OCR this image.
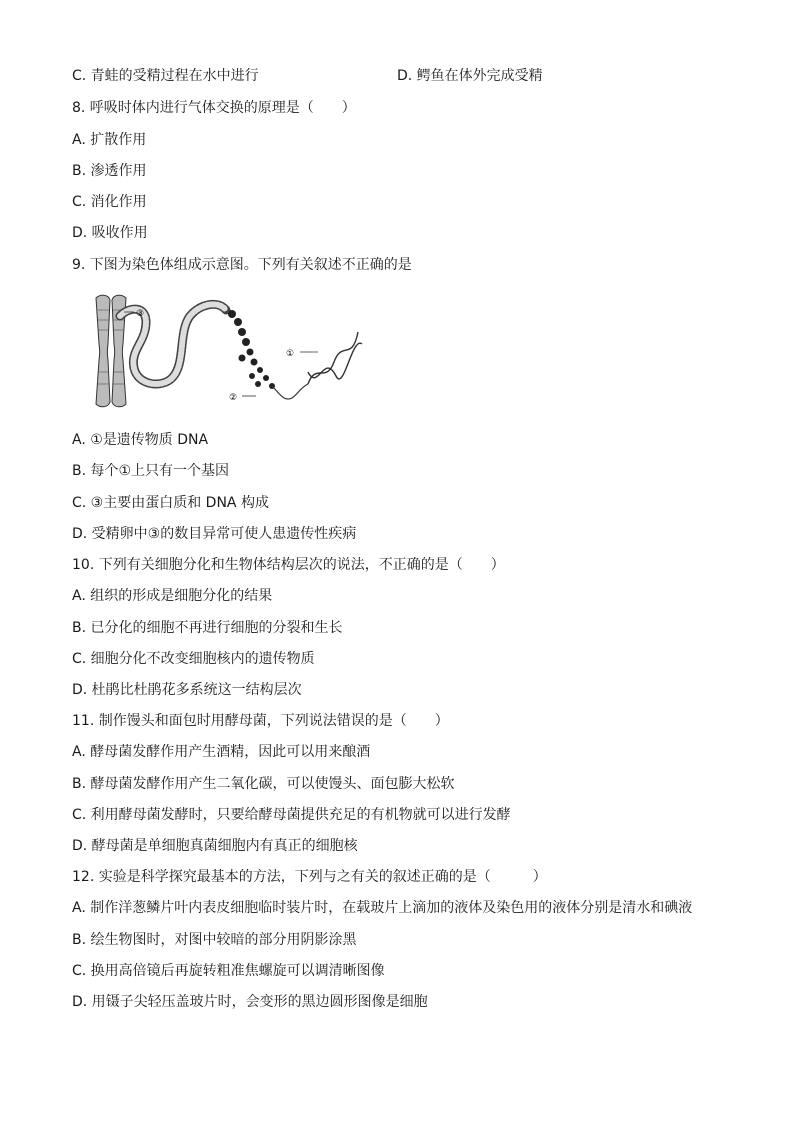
C. 青蛙的受精过程在水中进行	D. 鳄鱼在体外完成受精
8. 呼吸时体内进行气体交换的原理是（　　）
A. 扩散作用
B. 渗透作用
C. 消化作用
D. 吸收作用
9. 下图为染色体组成示意图。下列有关叙述不正确的是
③
①
②
A. ①是遗传物质 DNA
B. 每个①上只有一个基因
C. ③主要由蛋白质和 DNA 构成
D. 受精卵中③的数目异常可使人患遗传性疾病
10. 下列有关细胞分化和生物体结构层次的说法，不正确的是（　　）
A. 组织的形成是细胞分化的结果
B. 已分化的细胞不再进行细胞的分裂和生长
C. 细胞分化不改变细胞核内的遗传物质
D. 杜鹃比杜鹃花多系统这一结构层次
11. 制作馒头和面包时用酵母菌，下列说法错误的是（　　）
A. 酵母菌发酵作用产生酒精，因此可以用来酿酒
B. 酵母菌发酵作用产生二氧化碳，可以使馒头、面包膨大松软
C. 利用酵母菌发酵时，只要给酵母菌提供充足的有机物就可以进行发酵
D. 酵母菌是单细胞真菌细胞内有真正的细胞核
12. 实验是科学探究最基本的方法，下列与之有关的叙述正确的是（　　　）
A. 制作洋葱鳞片叶内表皮细胞临时装片时，在载玻片上滴加的液体及染色用的液体分别是清水和碘液
B. 绘生物图时，对图中较暗的部分用阴影涂黑
C. 换用高倍镜后再旋转粗准焦螺旋可以调清晰图像
D. 用镊子尖轻压盖玻片时，会变形的黑边圆形图像是细胞
